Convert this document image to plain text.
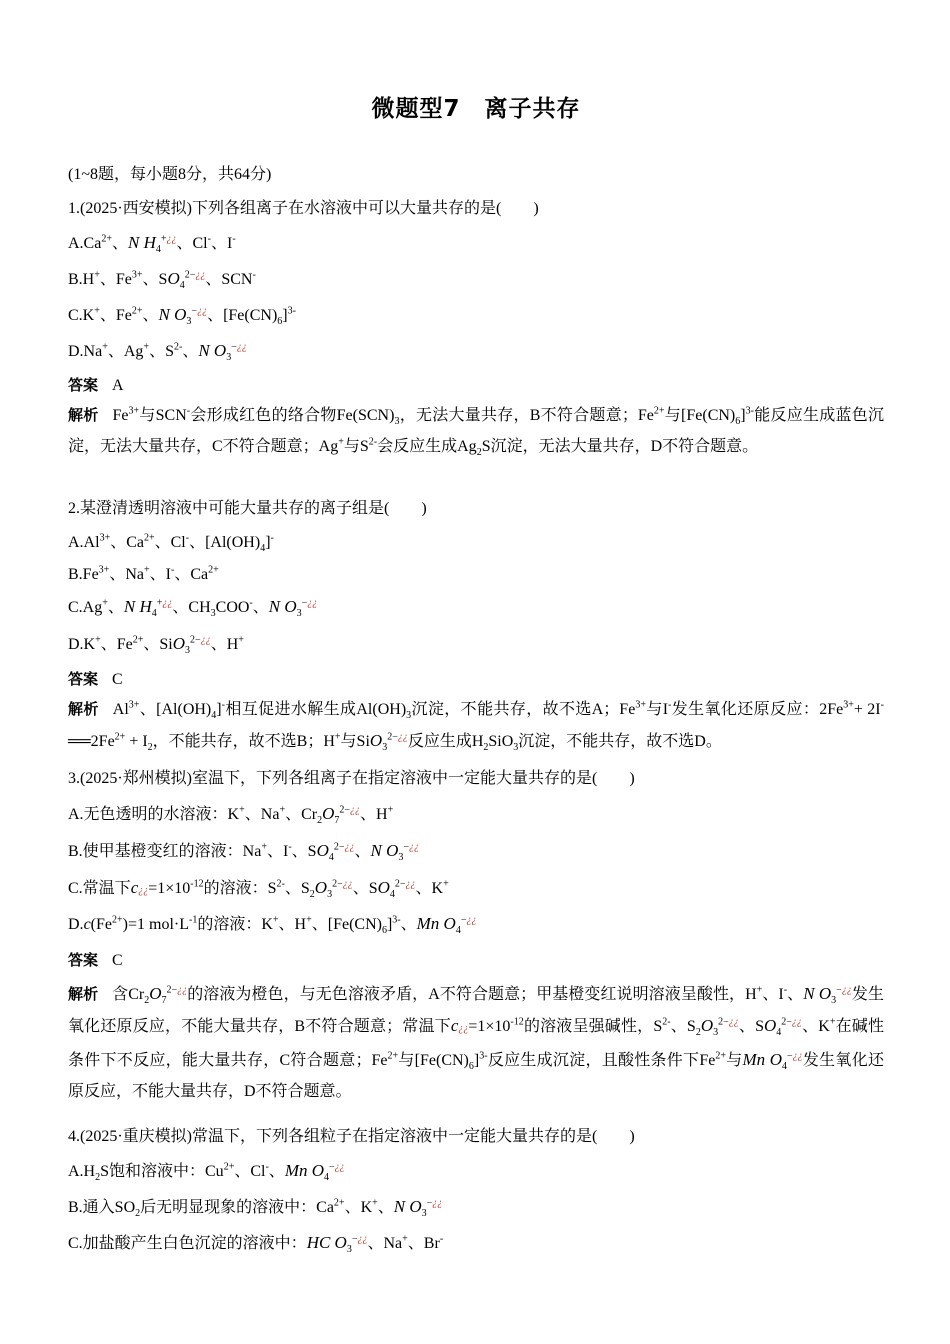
微题型7　离子共存
(1~8题，每小题8分，共64分)
1.(2025·西安模拟)下列各组离子在水溶液中可以大量共存的是(　　)
$A.Ca^{2+}$、N $H_4^{+¿¿}$、Cl-、I-
B.H+、$Fe^{3+}$、$SO_4^{2-¿¿}$、SCN-
C.K+、$Fe^{2+}$、N $O_3^{-¿¿}$、$[Fe(CN)_6]^{3-}$
D.Na+、Ag+、$S^{2-}$、N $O_3^{-¿¿}$
答案 A
解析 $Fe^{3+}$与SCN-会形成红色的络合物$Fe(SCN)_3$，无法大量共存，B不符合题意；$Fe^{2+}$与$[Fe(CN)_6]^{3-}$能反应生成蓝色沉淀，无法大量共存，C不符合题意；Ag+与$S^{2-}$会反应生成$Ag_2S$沉淀，无法大量共存，D不符合题意。
2.某澄清透明溶液中可能大量共存的离子组是(　　)
$A.Al^{3+}$、$Ca^{2+}$、Cl-、$[Al(OH)_4]^-$
$B.Fe^{3+}$、Na+、I-、$Ca^{2+}$
C.Ag+、N $H_4^{+¿¿}$、$CH_3COO^-$、N $O_3^{-¿¿}$
D.K+、$Fe^{2+}$、SiO$_3^{2-¿¿}$、H+
答案 C
解析 $Al^{3+}$、$[Al(OH)_4]^-$相互促进水解生成$Al(OH)_3$沉淀，不能共存，故不选A；$Fe^{3+}$与I-发生氧化还原反应：$2Fe^{3+}+$ $2I^-══2Fe^{2+} + I_2$，不能共存，故不选B；H+与SiO$_3^{2-¿¿}$反应生成$H_2SiO_3$沉淀，不能共存，故不选D。
3.(2025·郑州模拟)室温下，下列各组离子在指定溶液中一定能大量共存的是(　　)
A.无色透明的水溶液：K+、Na+、$Cr_2O_7^{2-¿¿}$、H+
B.使甲基橙变红的溶液：Na+、I-、$SO_4^{2-¿¿}$、N $O_3^{-¿¿}$
C.常温下$c¿¿=1\times 10^{-12}$的溶液：$S^{2-}$、$S_2O_3^{2-¿¿}$、$SO_4^{2-¿¿}$、K+
$D.c(Fe^{2+})=1$ $mol\cdot L^{-1}$的溶液：K+、H+、$[Fe(CN)_6]^{3-}$、Mn $O_4^{-¿¿}$
答案 C
解析 含$Cr_2O_7^{2-¿¿}$的溶液为橙色，与无色溶液矛盾，A不符合题意；甲基橙变红说明溶液呈酸性，H+、I-、N $O_3^{-¿¿}$发生氧化还原反应，不能大量共存，B不符合题意；常温下$c¿¿=1\times 10^{-12}$的溶液呈强碱性，$S^{2-}$、$S_2O_3^{2-¿¿}$、$SO_4^{2-¿¿}$、K+在碱性条件下不反应，能大量共存，C符合题意；$Fe^{2+}$与$[Fe(CN)_6]^{3-}$反应生成沉淀，且酸性条件下$Fe^{2+}$与Mn $O_4^{-¿¿}$发生氧化还原反应，不能大量共存，D不符合题意。
4.(2025·重庆模拟)常温下，下列各组粒子在指定溶液中一定能大量共存的是(　　)
$A.H_2S$饱和溶液中：$Cu^{2+}$、Cl-、Mn $O_4^{-¿¿}$
B.通入$SO_2$后无明显现象的溶液中：$Ca^{2+}$、K+、N $O_3^{-¿¿}$
C.加盐酸产生白色沉淀的溶液中：HC $O_3^{-¿¿}$、Na+、Br-
